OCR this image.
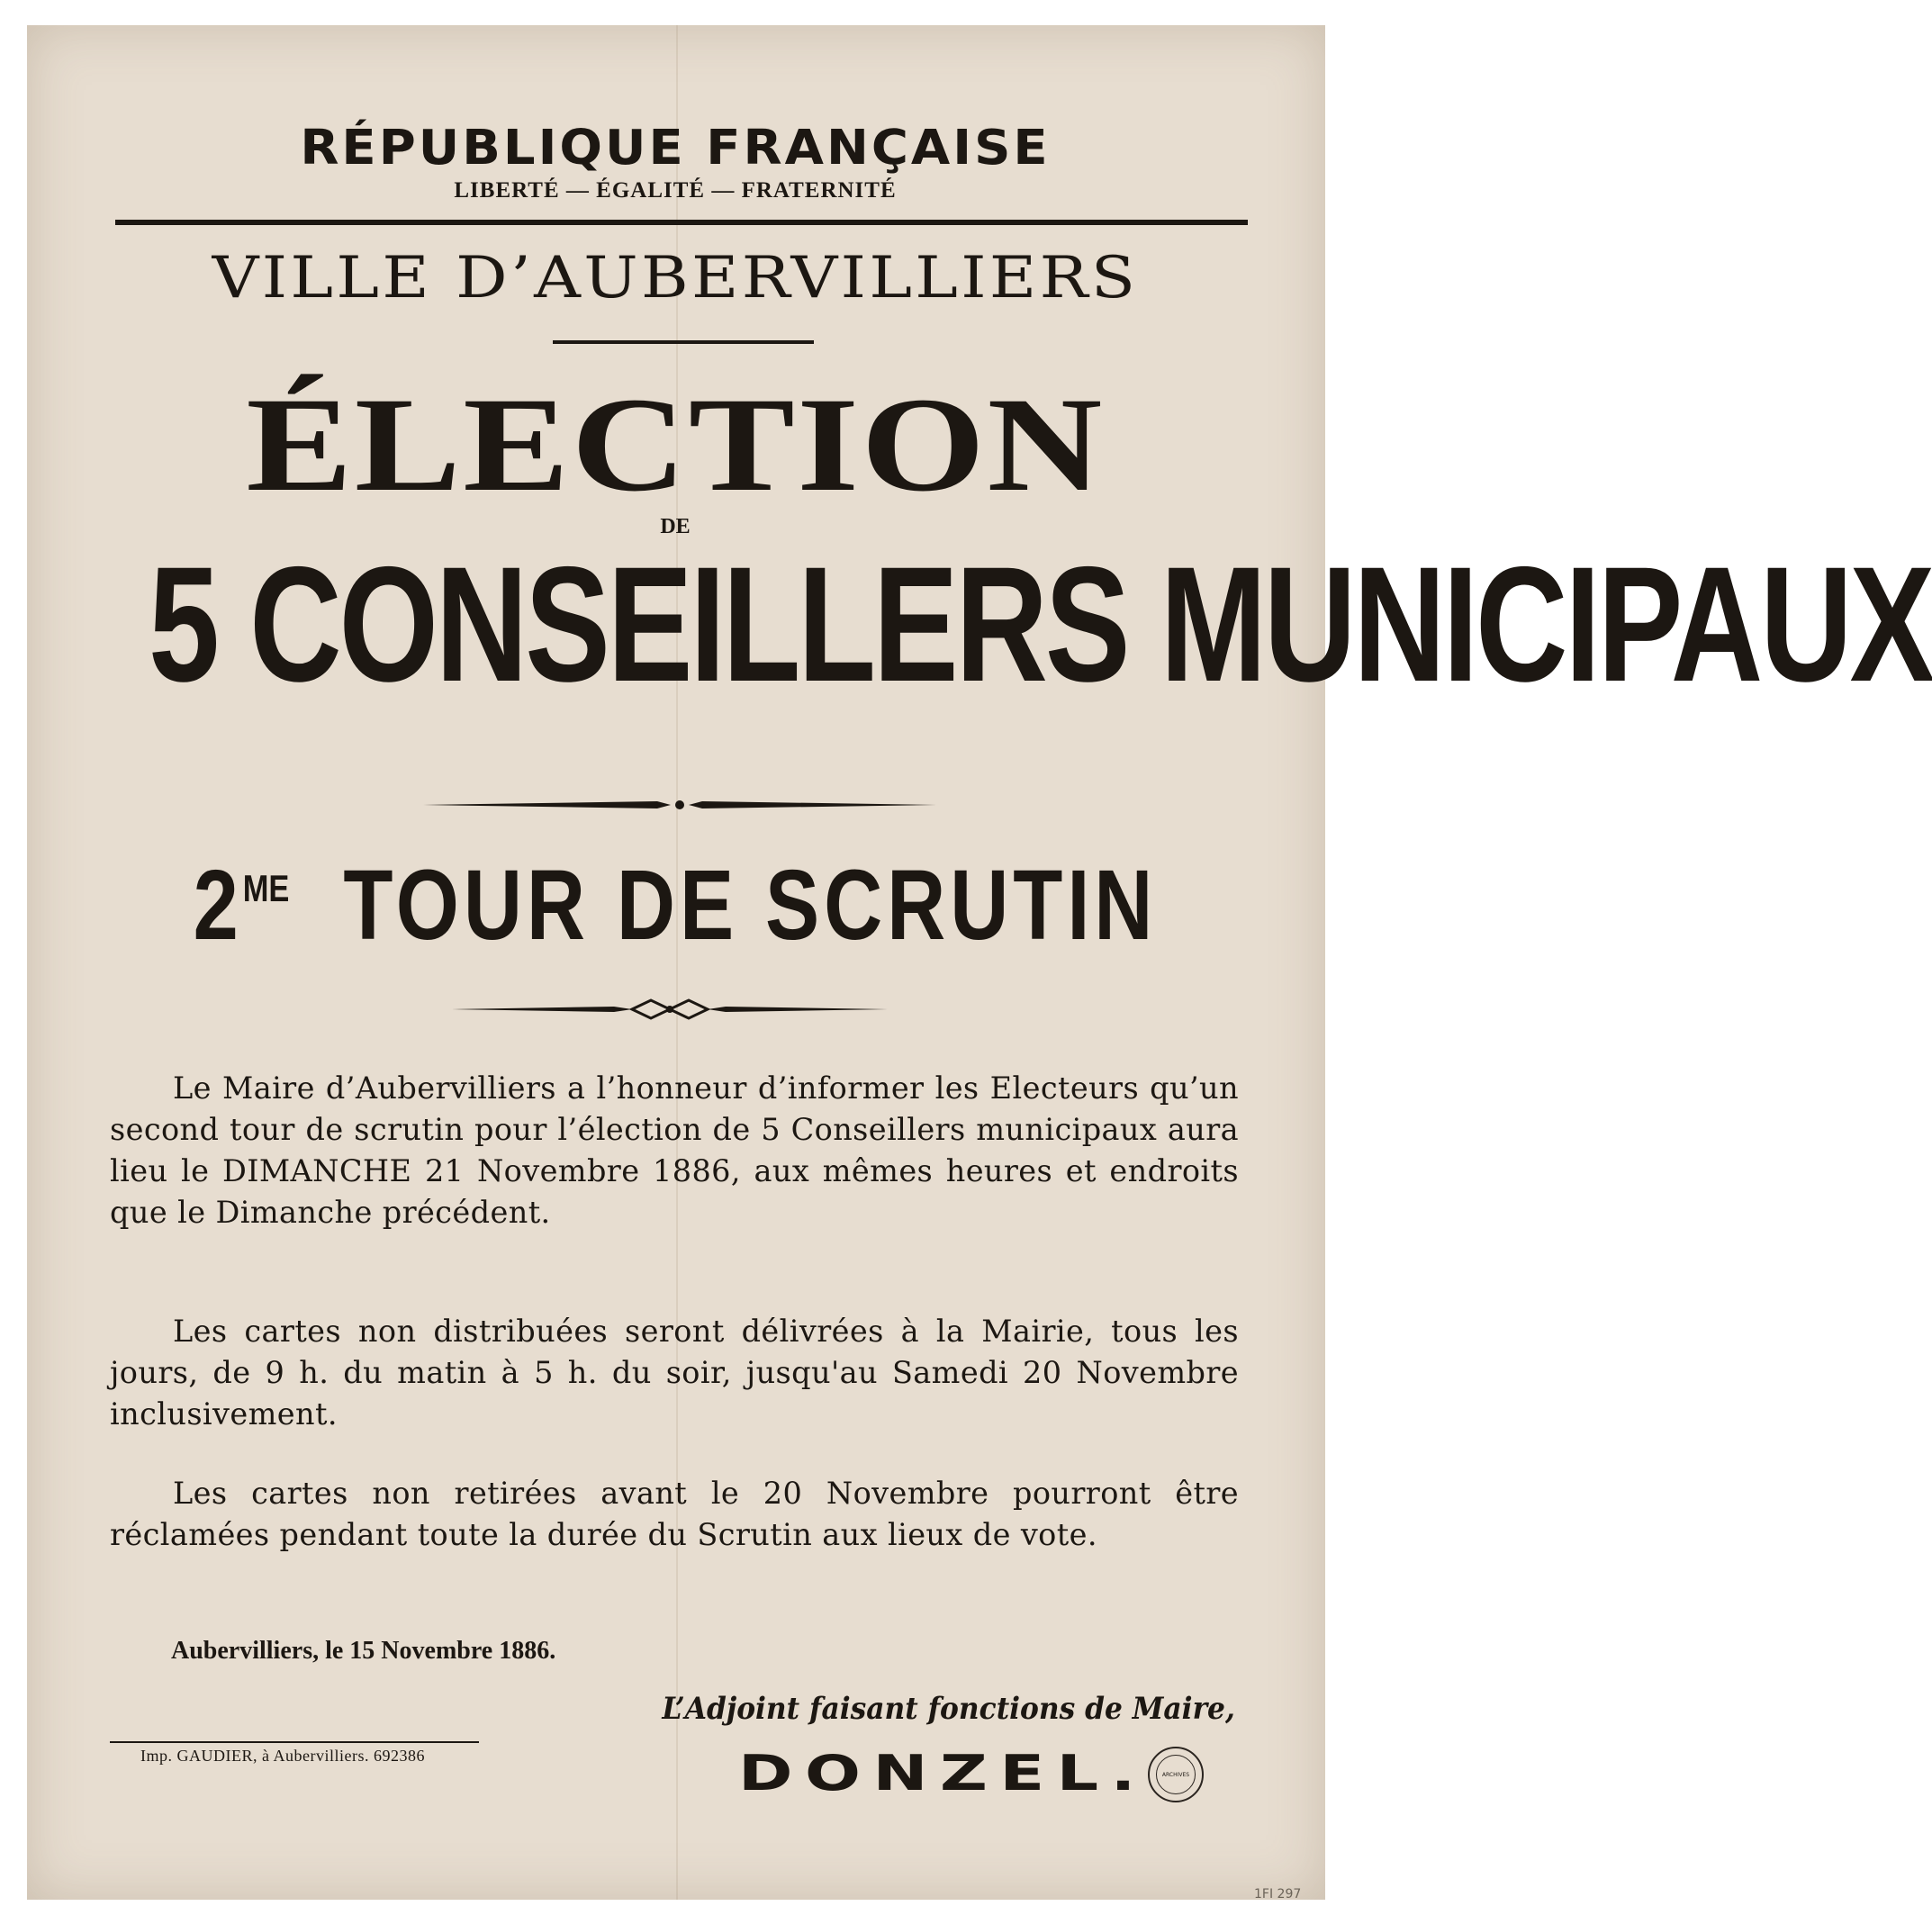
RÉPUBLIQUE FRANÇAISE
LIBERTÉ — ÉGALITÉ — FRATERNITÉ
VILLE D’AUBERVILLIERS
ÉLECTION
DE
5 CONSEILLERS MUNICIPAUX
$2^{ME}$ TOUR DE SCRUTIN
Le Maire d’Aubervilliers a l’honneur d’informer les Electeurs qu’un second tour de scrutin pour l’élection de 5 Conseillers municipaux aura lieu le DIMANCHE 21 Novembre 1886, aux mêmes heures et endroits que le Dimanche précédent.
Les cartes non distribuées seront délivrées à la Mairie, tous les jours, de 9 h. du matin à 5 h. du soir, jusqu'au Samedi 20 Novembre inclusivement.
Les cartes non retirées avant le 20 Novembre pourront être réclamées pendant toute la durée du Scrutin aux lieux de vote.
Aubervilliers, le 15 Novembre 1886.
L’Adjoint faisant fonctions de Maire,
DONZEL.
Imp. GAUDIER, à Aubervilliers. 692386
ARCHIVES
1FI 297
